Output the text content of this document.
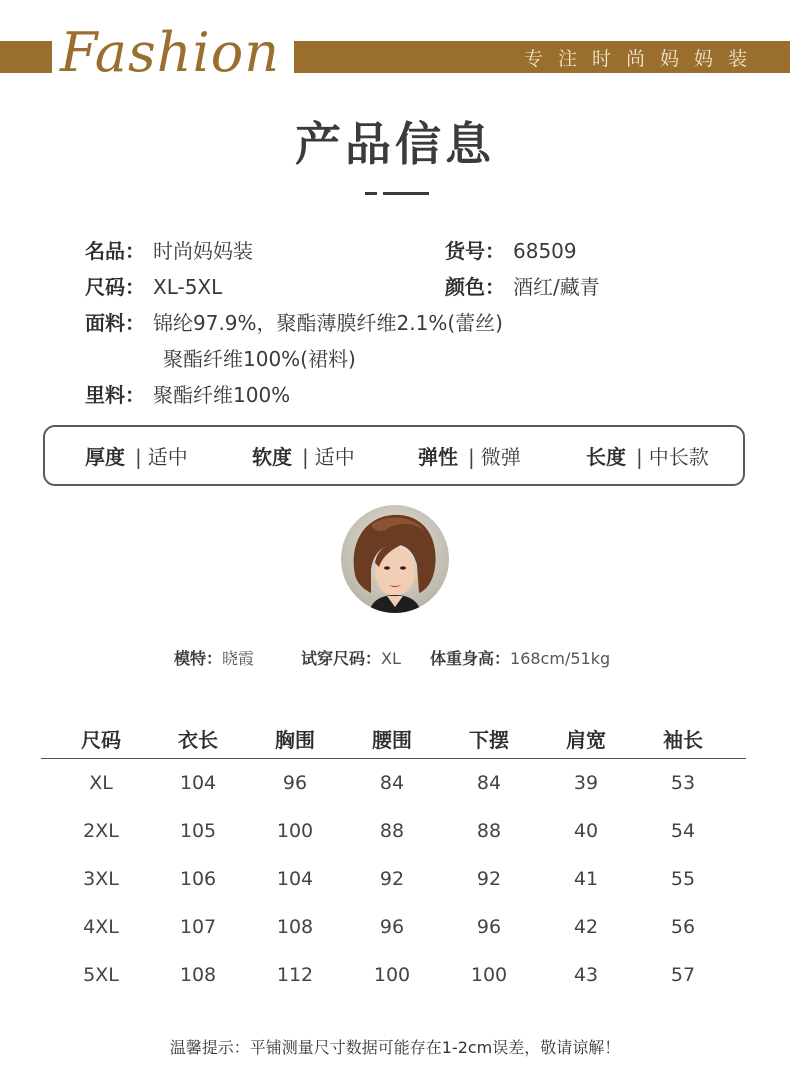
Fashion	专注时尚妈妈装
产品信息
名品： 时尚妈妈装	货号： 68509
尺码： XL-5XL	颜色： 酒红/藏青
面料： 锦纶97.9%，聚酯薄膜纤维2.1%(蕾丝)
聚酯纤维100%(裙料)
里料： 聚酯纤维100%
厚度 | 适中	软度 | 适中	弹性 | 微弹	长度 | 中长款
模特：晓霞	试穿尺码：XL 体重身高：168cm/51kg
尺码	衣长	胸围	腰围	下摆	肩宽	袖长
XL	104	96	84	84	39	53
2XL	105	100	88	88	40	54
3XL	106	104	92	92	41	55
4XL	107	108	96	96	42	56
5XL	108	112	100	100	43	57
温馨提示：平铺测量尺寸数据可能存在1-2cm误差，敬请谅解！
